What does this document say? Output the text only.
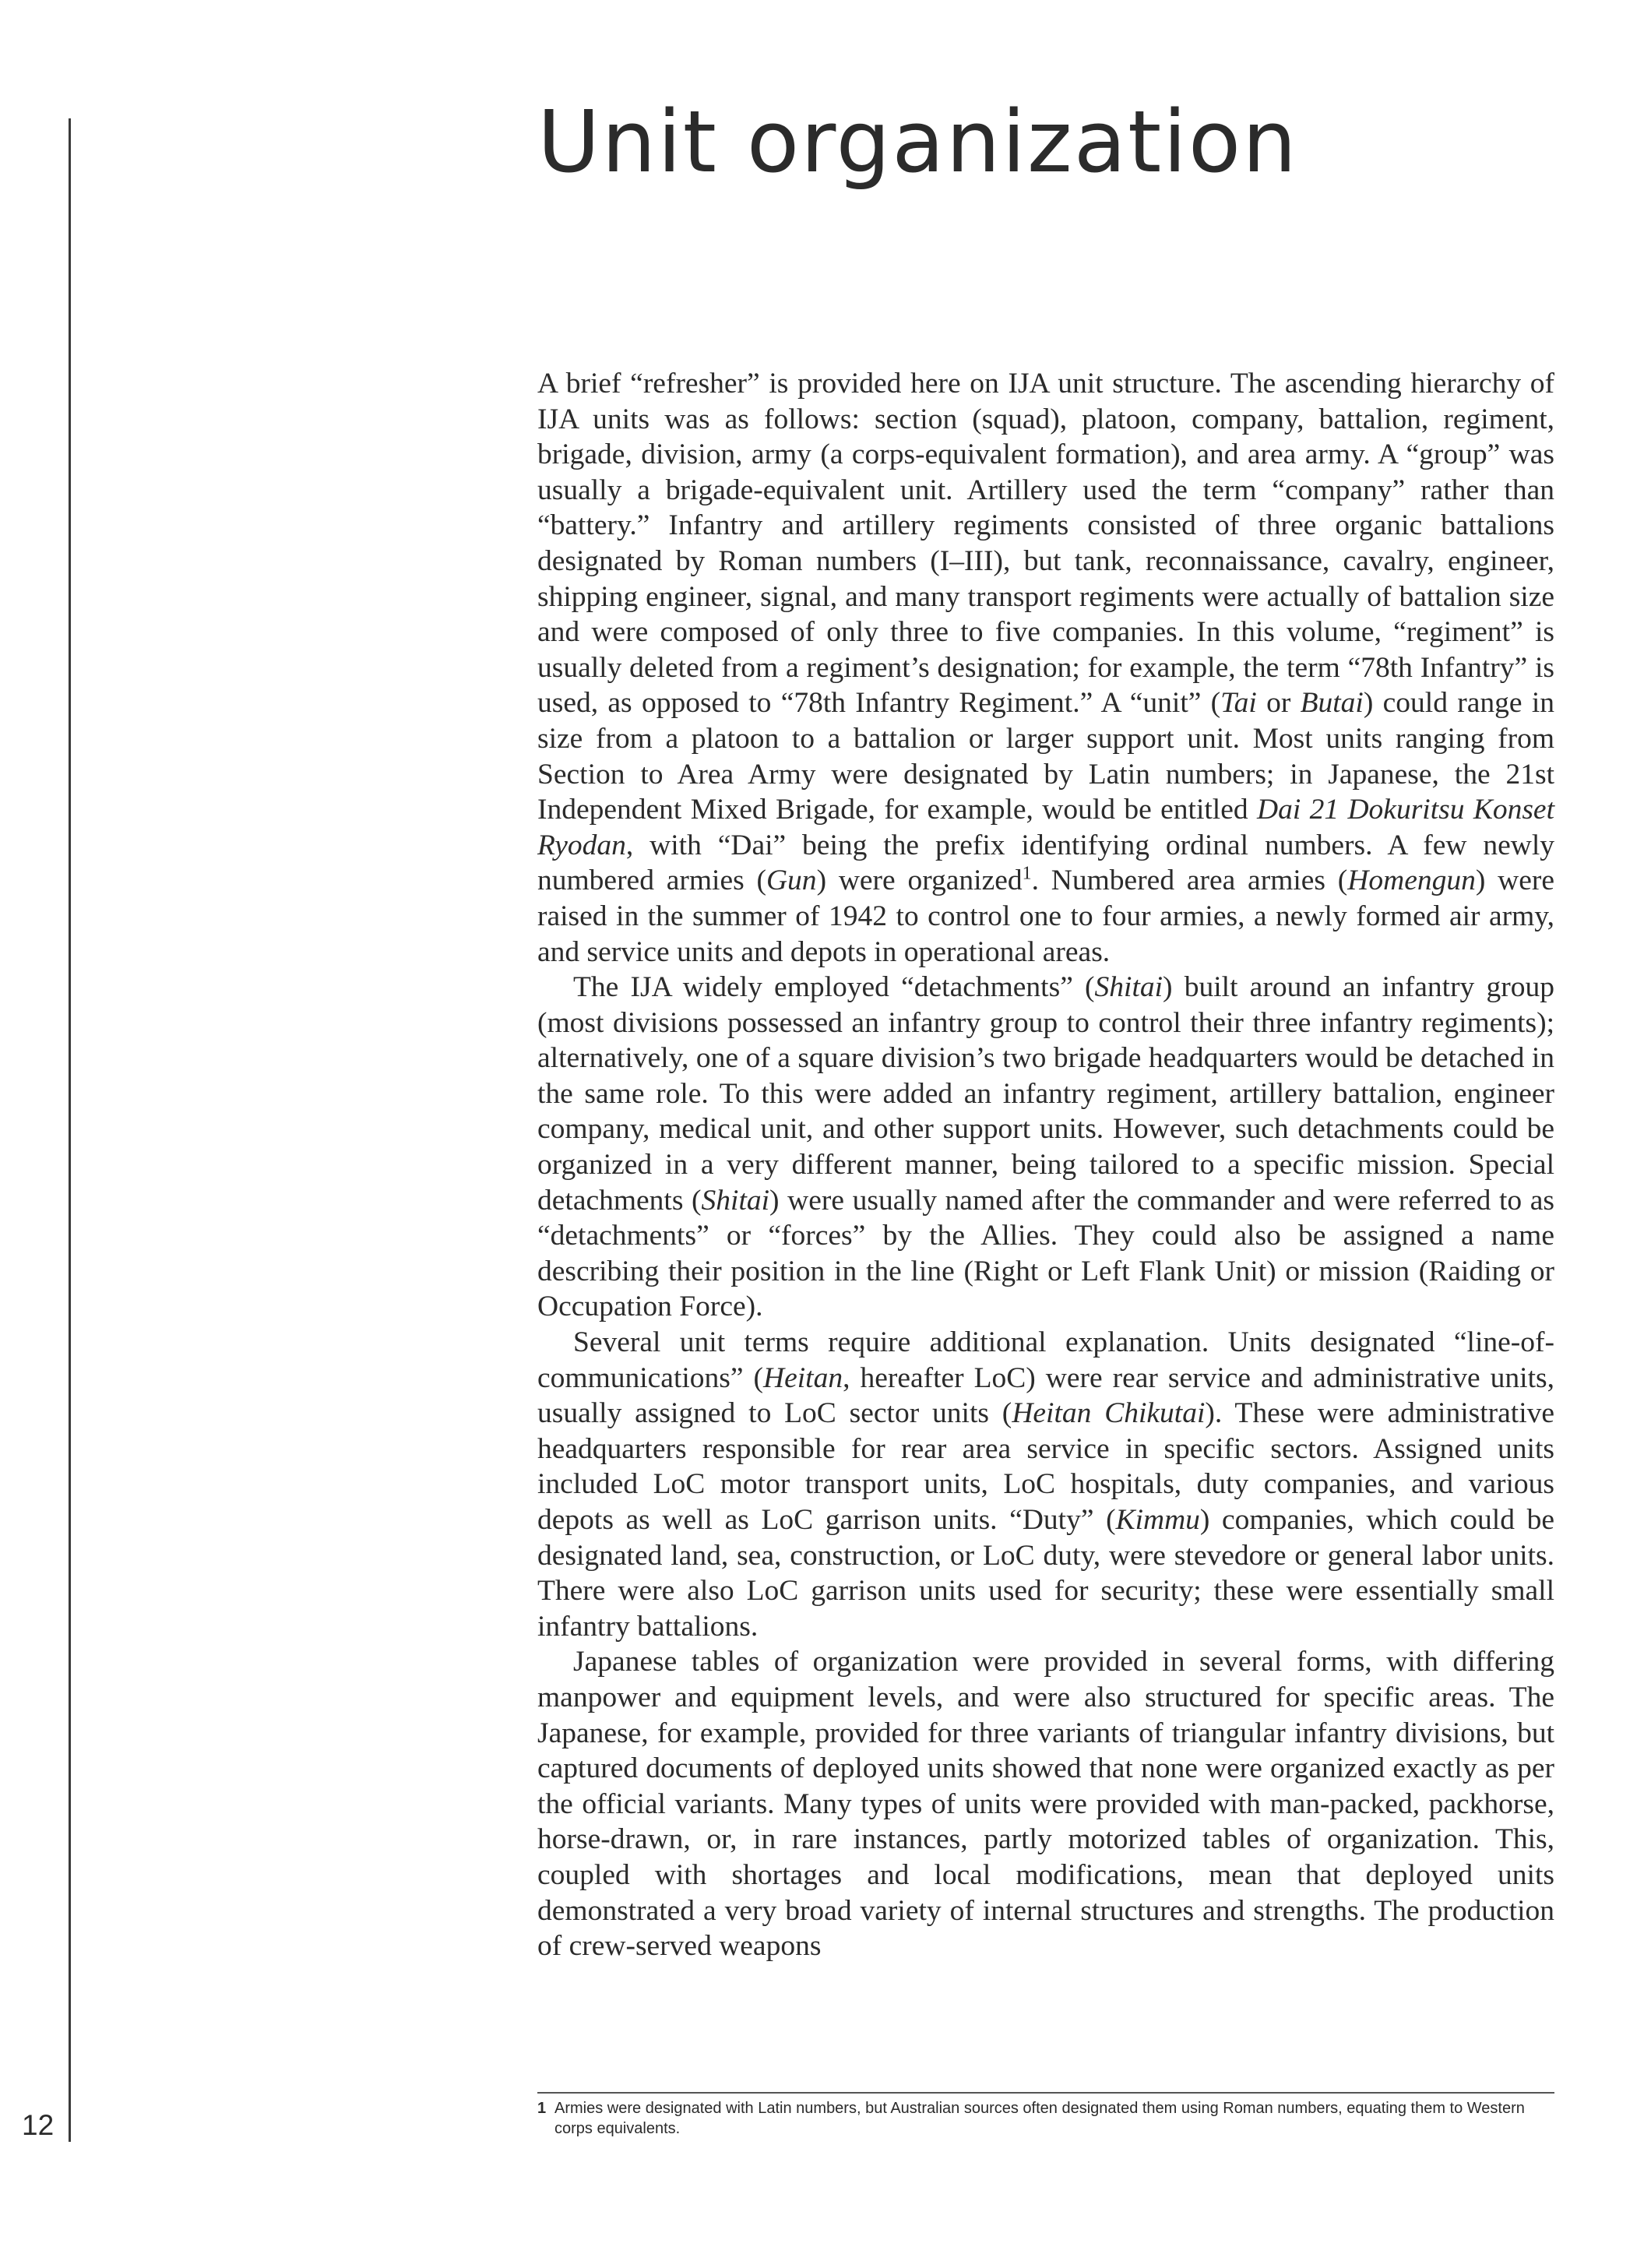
12
Unit organization

A brief “refresher” is provided here on IJA unit structure. The ascending hierarchy of IJA units was as follows: section (squad), platoon, company, battalion, regiment, brigade, division, army (a corps-equivalent formation), and area army. A “group” was usually a brigade-equivalent unit. Artillery used the term “company” rather than “battery.” Infantry and artillery regiments consisted of three organic battalions designated by Roman numbers (I–III), but tank, reconnaissance, cavalry, engineer, shipping engineer, signal, and many transport regiments were actually of battalion size and were composed of only three to five companies. In this volume, “regiment” is usually deleted from a regiment’s designation; for example, the term “78th Infantry” is used, as opposed to “78th Infantry Regiment.” A “unit” (Tai or Butai) could range in size from a platoon to a battalion or larger support unit. Most units ranging from Section to Area Army were designated by Latin numbers; in Japanese, the 21st Independent Mixed Brigade, for example, would be entitled Dai 21 Dokuritsu Konset Ryodan, with “Dai” being the prefix identifying ordinal numbers. A few newly numbered armies (Gun) were organized$^1$. Numbered area armies (Homengun) were raised in the summer of 1942 to control one to four armies, a newly formed air army, and service units and depots in operational areas.

The IJA widely employed “detachments” (Shitai) built around an infantry group (most divisions possessed an infantry group to control their three infantry regiments); alternatively, one of a square division’s two brigade headquarters would be detached in the same role. To this were added an infantry regiment, artillery battalion, engineer company, medical unit, and other support units. However, such detachments could be organized in a very different manner, being tailored to a specific mission. Special detachments (Shitai) were usually named after the commander and were referred to as “detachments” or “forces” by the Allies. They could also be assigned a name describing their position in the line (Right or Left Flank Unit) or mission (Raiding or Occupation Force).

Several unit terms require additional explanation. Units designated “line-of-communications” (Heitan, hereafter LoC) were rear service and administrative units, usually assigned to LoC sector units (Heitan Chikutai). These were administrative headquarters responsible for rear area service in specific sectors. Assigned units included LoC motor transport units, LoC hospitals, duty companies, and various depots as well as LoC garrison units. “Duty” (Kimmu) companies, which could be designated land, sea, construction, or LoC duty, were stevedore or general labor units. There were also LoC garrison units used for security; these were essentially small infantry battalions.

Japanese tables of organization were provided in several forms, with differing manpower and equipment levels, and were also structured for specific areas. The Japanese, for example, provided for three variants of triangular infantry divisions, but captured documents of deployed units showed that none were organized exactly as per the official variants. Many types of units were provided with man-packed, packhorse, horse-drawn, or, in rare instances, partly motorized tables of organization. This, coupled with shortages and local modifications, mean that deployed units demonstrated a very broad variety of internal structures and strengths. The production of crew-served weapons

1 Armies were designated with Latin numbers, but Australian sources often designated them using Roman numbers, equating them to Western corps equivalents.
